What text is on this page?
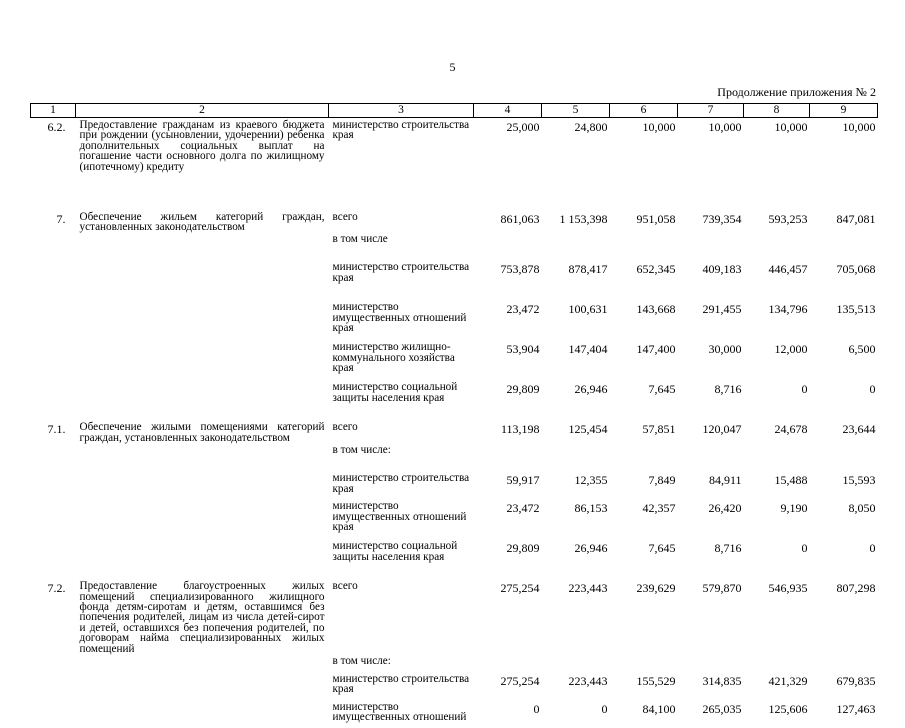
5
Продолжение приложения № 2
1	2	3	4	5	6	7	8	9
6.2.	Предоставление гражданам из краевого бюджета при рождении (усыновлении, удочерении) ребенка дополнительных социальных выплат на погашение части основного долга по жилищному (ипотечному) кредиту	министерство строительства края	25,000	24,800	10,000	10,000	10,000	10,000
7.	Обеспечение жильем категорий граждан, установленных законодательством	всего	861,063	1 153,398	951,058	739,354	593,253	847,081
		в том числе						
		министерство строительства края	753,878	878,417	652,345	409,183	446,457	705,068
		министерство имущественных отношений края	23,472	100,631	143,668	291,455	134,796	135,513
		министерство жилищно-коммунального хозяйства края	53,904	147,404	147,400	30,000	12,000	6,500
		министерство социальной защиты населения края	29,809	26,946	7,645	8,716	0	0
7.1.	Обеспечение жилыми помещениями категорий граждан, установленных законодательством	всего	113,198	125,454	57,851	120,047	24,678	23,644
		в том числе:						
		министерство строительства края	59,917	12,355	7,849	84,911	15,488	15,593
		министерство имущественных отношений края	23,472	86,153	42,357	26,420	9,190	8,050
		министерство социальной защиты населения края	29,809	26,946	7,645	8,716	0	0
7.2.	Предоставление благоустроенных жилых помещений специализированного жилищного фонда детям-сиротам и детям, оставшимся без попечения родителей, лицам из числа детей-сирот и детей, оставшихся без попечения родителей, по договорам найма специализированных жилых помещений	всего	275,254	223,443	239,629	579,870	546,935	807,298
		в том числе:						
		министерство строительства края	275,254	223,443	155,529	314,835	421,329	679,835
		министерство имущественных отношений	0	0	84,100	265,035	125,606	127,463
